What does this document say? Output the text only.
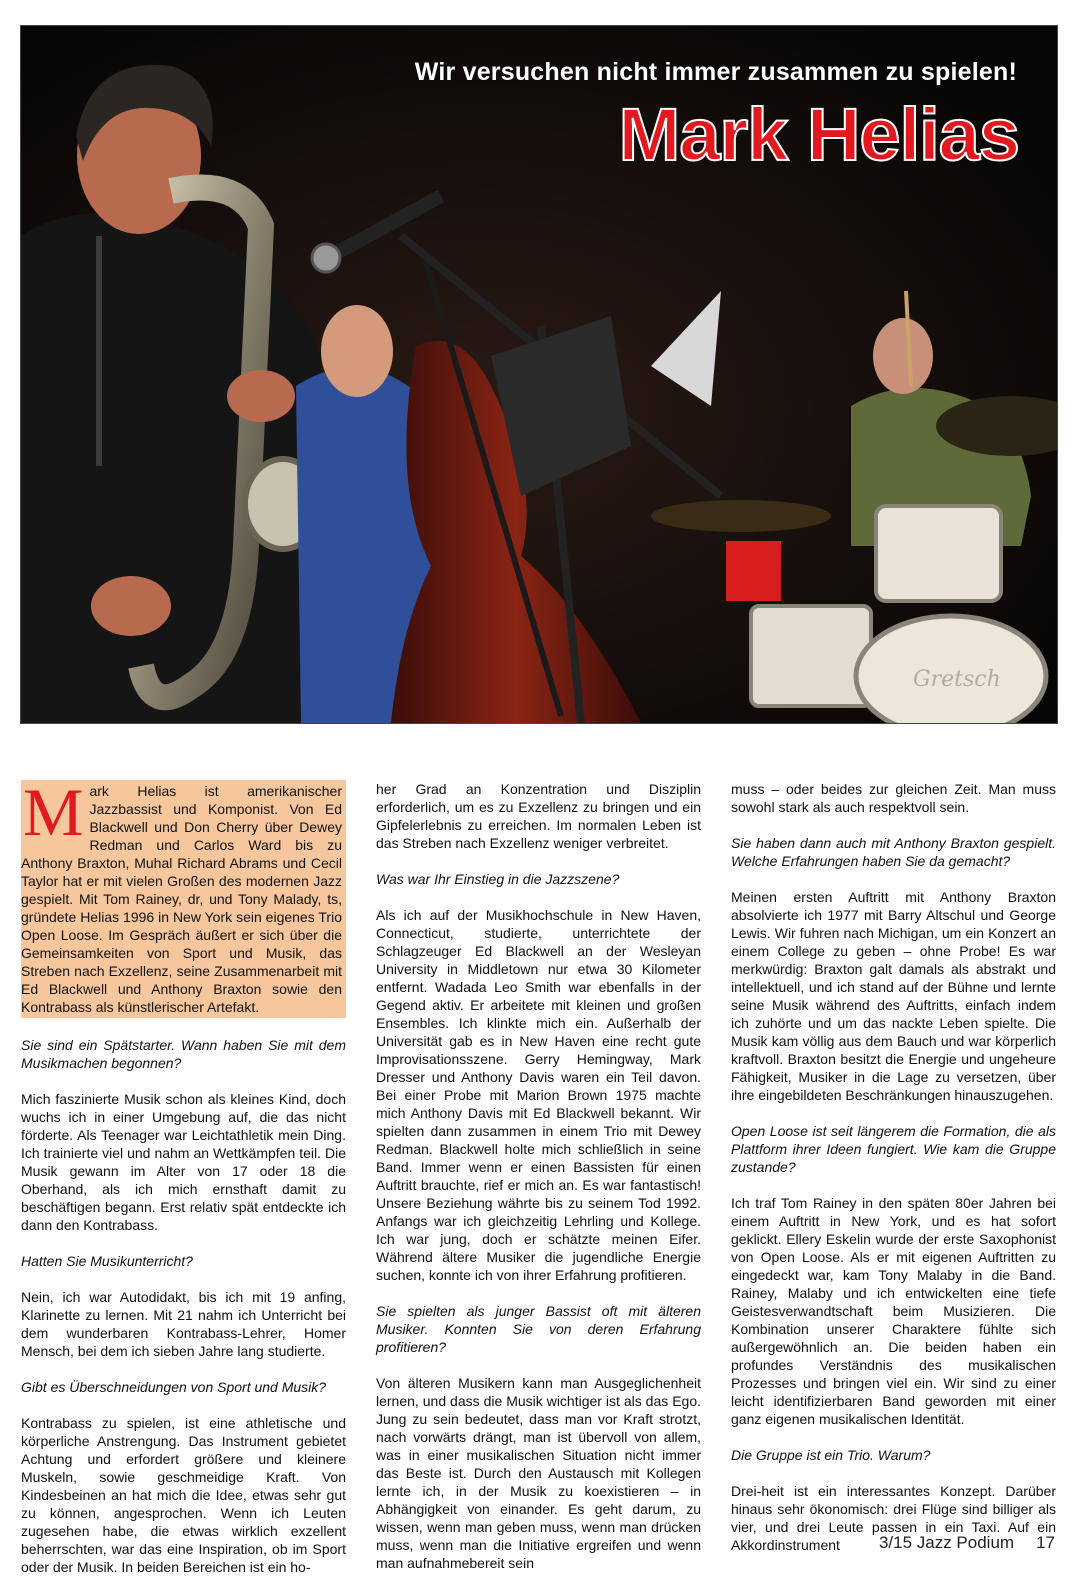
Gretsch
Wir versuchen nicht immer zusammen zu spielen!
Mark Helias
Mark Helias ist amerikanischer Jazzbassist und Komponist. Von Ed Blackwell und Don Cherry über Dewey Redman und Carlos Ward bis zu Anthony Braxton, Muhal Richard Abrams und Cecil Taylor hat er mit vielen Großen des modernen Jazz gespielt. Mit Tom Rainey, dr, und Tony Malady, ts, gründete Helias 1996 in New York sein eigenes Trio Open Loose. Im Gespräch äußert er sich über die Gemeinsamkeiten von Sport und Musik, das Streben nach Exzellenz, seine Zusammenarbeit mit Ed Blackwell und Anthony Braxton sowie den Kontrabass als künstlerischer Artefakt.

Sie sind ein Spätstarter. Wann haben Sie mit dem Musikmachen begonnen?

Mich faszinierte Musik schon als kleines Kind, doch wuchs ich in einer Umgebung auf, die das nicht förderte. Als Teenager war Leichtathletik mein Ding. Ich trainierte viel und nahm an Wettkämpfen teil. Die Musik gewann im Alter von 17 oder 18 die Oberhand, als ich mich ernsthaft damit zu beschäftigen begann. Erst relativ spät entdeckte ich dann den Kontrabass.

Hatten Sie Musikunterricht?

Nein, ich war Autodidakt, bis ich mit 19 anfing, Klarinette zu lernen. Mit 21 nahm ich Unterricht bei dem wunderbaren Kontrabass-Lehrer, Homer Mensch, bei dem ich sieben Jahre lang studierte.

Gibt es Überschneidungen von Sport und Musik?

Kontrabass zu spielen, ist eine athletische und körperliche Anstrengung. Das Instrument gebietet Achtung und erfordert größere und kleinere Muskeln, sowie geschmeidige Kraft. Von Kindesbeinen an hat mich die Idee, etwas sehr gut zu können, angesprochen. Wenn ich Leuten zugesehen habe, die etwas wirklich exzellent beherrschten, war das eine Inspiration, ob im Sport oder der Musik. In beiden Bereichen ist ein ho-

her Grad an Konzentration und Disziplin erforderlich, um es zu Exzellenz zu bringen und ein Gipfelerlebnis zu erreichen. Im normalen Leben ist das Streben nach Exzellenz weniger verbreitet.

Was war Ihr Einstieg in die Jazzszene?

Als ich auf der Musikhochschule in New Haven, Connecticut, studierte, unterrichtete der Schlagzeuger Ed Blackwell an der Wesleyan University in Middletown nur etwa 30 Kilometer entfernt. Wadada Leo Smith war ebenfalls in der Gegend aktiv. Er arbeitete mit kleinen und großen Ensembles. Ich klinkte mich ein. Außerhalb der Universität gab es in New Haven eine recht gute Improvisationsszene. Gerry Hemingway, Mark Dresser und Anthony Davis waren ein Teil davon. Bei einer Probe mit Marion Brown 1975 machte mich Anthony Davis mit Ed Blackwell bekannt. Wir spielten dann zusammen in einem Trio mit Dewey Redman. Blackwell holte mich schließlich in seine Band. Immer wenn er einen Bassisten für einen Auftritt brauchte, rief er mich an. Es war fantastisch! Unsere Beziehung währte bis zu seinem Tod 1992. Anfangs war ich gleichzeitig Lehrling und Kollege. Ich war jung, doch er schätzte meinen Eifer. Während ältere Musiker die jugendliche Energie suchen, konnte ich von ihrer Erfahrung profitieren.

Sie spielten als junger Bassist oft mit älteren Musiker. Konnten Sie von deren Erfahrung profitieren?

Von älteren Musikern kann man Ausgeglichenheit lernen, und dass die Musik wichtiger ist als das Ego. Jung zu sein bedeutet, dass man vor Kraft strotzt, nach vorwärts drängt, man ist übervoll von allem, was in einer musikalischen Situation nicht immer das Beste ist. Durch den Austausch mit Kollegen lernte ich, in der Musik zu koexistieren – in Abhängigkeit von einander. Es geht darum, zu wissen, wenn man geben muss, wenn man drücken muss, wenn man die Initiative ergreifen und wenn man aufnahmebereit sein

muss – oder beides zur gleichen Zeit. Man muss sowohl stark als auch respektvoll sein.

Sie haben dann auch mit Anthony Braxton gespielt. Welche Erfahrungen haben Sie da gemacht?

Meinen ersten Auftritt mit Anthony Braxton absolvierte ich 1977 mit Barry Altschul und George Lewis. Wir fuhren nach Michigan, um ein Konzert an einem College zu geben – ohne Probe! Es war merkwürdig: Braxton galt damals als abstrakt und intellektuell, und ich stand auf der Bühne und lernte seine Musik während des Auftritts, einfach indem ich zuhörte und um das nackte Leben spielte. Die Musik kam völlig aus dem Bauch und war körperlich kraftvoll. Braxton besitzt die Energie und ungeheure Fähigkeit, Musiker in die Lage zu versetzen, über ihre eingebildeten Beschränkungen hinauszugehen.

Open Loose ist seit längerem die Formation, die als Plattform ihrer Ideen fungiert. Wie kam die Gruppe zustande?

Ich traf Tom Rainey in den späten 80er Jahren bei einem Auftritt in New York, und es hat sofort geklickt. Ellery Eskelin wurde der erste Saxophonist von Open Loose. Als er mit eigenen Auftritten zu eingedeckt war, kam Tony Malaby in die Band. Rainey, Malaby und ich entwickelten eine tiefe Geistesverwandtschaft beim Musizieren. Die Kombination unserer Charaktere fühlte sich außergewöhnlich an. Die beiden haben ein profundes Verständnis des musikalischen Prozesses und bringen viel ein. Wir sind zu einer leicht identifizierbaren Band geworden mit einer ganz eigenen musikalischen Identität.

Die Gruppe ist ein Trio. Warum?

Drei-heit ist ein interessantes Konzept. Darüber hinaus sehr ökonomisch: drei Flüge sind billiger als vier, und drei Leute passen in ein Taxi. Auf ein Akkordinstrument	3/15 Jazz Podium 17
